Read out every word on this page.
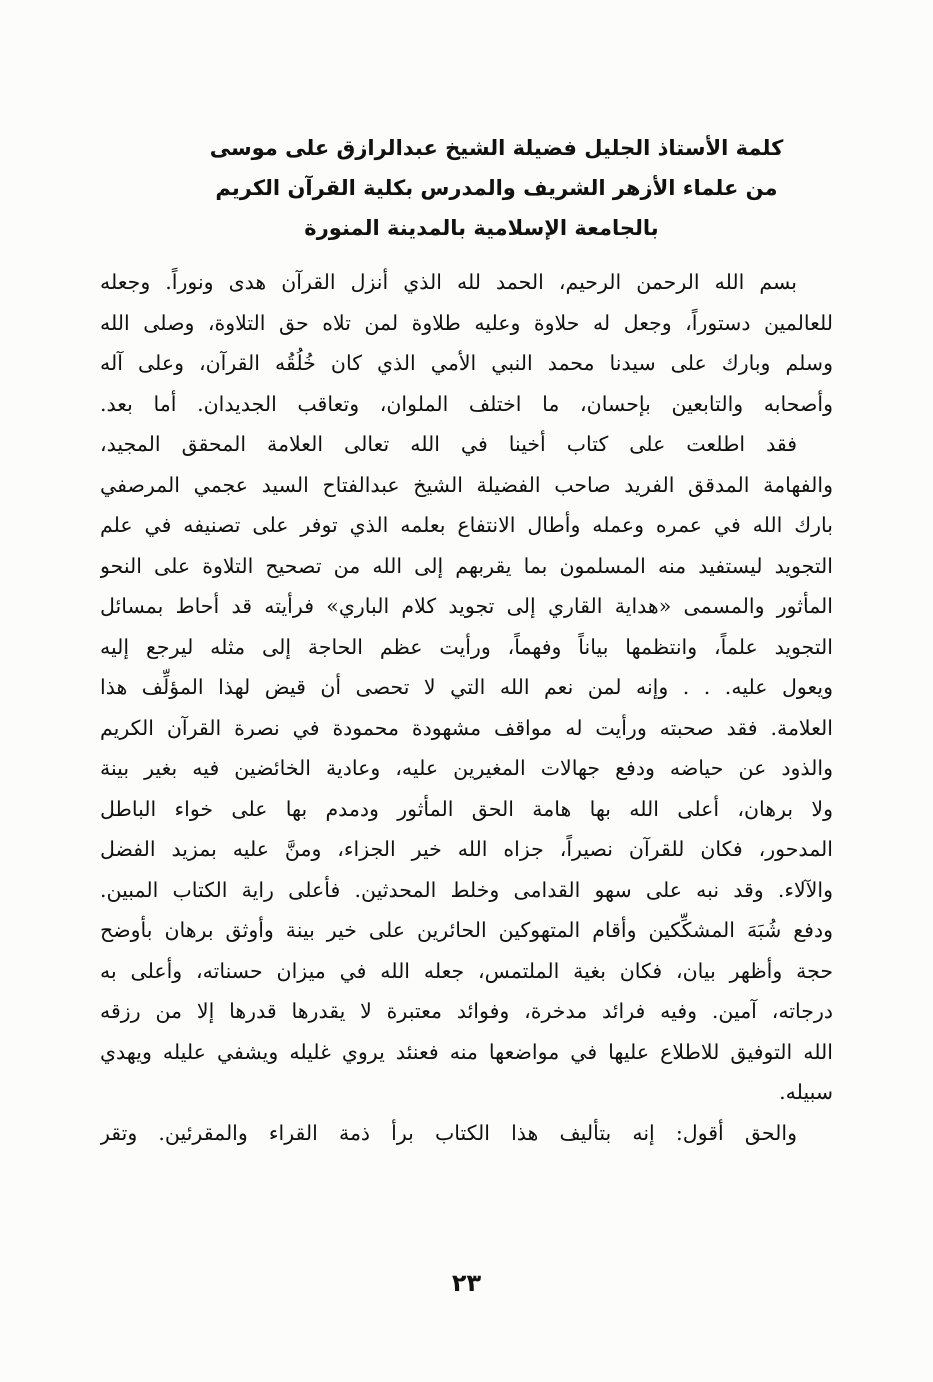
كلمة الأستاذ الجليل فضيلة الشيخ عبدالرازق على موسى
من علماء الأزهر الشريف والمدرس بكلية القرآن الكريم
بالجامعة الإسلامية بالمدينة المنورة
بسم الله الرحمن الرحيم، الحمد لله الذي أنزل القرآن هدى ونوراً. وجعله
للعالمين دستوراً، وجعل له حلاوة وعليه طلاوة لمن تلاه حق التلاوة، وصلى الله
وسلم وبارك على سيدنا محمد النبي الأمي الذي كان خُلُقُه القرآن، وعلى آله
وأصحابه والتابعين بإحسان، ما اختلف الملوان، وتعاقب الجديدان. أما بعد.
فقد اطلعت على كتاب أخينا في الله تعالى العلامة المحقق المجيد،
والفهامة المدقق الفريد صاحب الفضيلة الشيخ عبدالفتاح السيد عجمي المرصفي
بارك الله في عمره وعمله وأطال الانتفاع بعلمه الذي توفر على تصنيفه في علم
التجويد ليستفيد منه المسلمون بما يقربهم إلى الله من تصحيح التلاوة على النحو
المأثور والمسمى «هداية القاري إلى تجويد كلام الباري» فرأيته قد أحاط بمسائل
التجويد علماً، وانتظمها بياناً وفهماً، ورأيت عظم الحاجة إلى مثله ليرجع إليه
ويعول عليه. . . وإنه لمن نعم الله التي لا تحصى أن قيض لهذا المؤلِّف هذا
العلامة. فقد صحبته ورأيت له مواقف مشهودة محمودة في نصرة القرآن الكريم
والذود عن حياضه ودفع جهالات المغيرين عليه، وعادية الخائضين فيه بغير بينة
ولا برهان، أعلى الله بها هامة الحق المأثور ودمدم بها على خواء الباطل
المدحور، فكان للقرآن نصيراً، جزاه الله خير الجزاء، ومنَّ عليه بمزيد الفضل
والآلاء. وقد نبه على سهو القدامى وخلط المحدثين. فأعلى راية الكتاب المبين.
ودفع شُبَهَ المشكِّكين وأقام المتهوكين الحائرين على خير بينة وأوثق برهان بأوضح
حجة وأظهر بيان، فكان بغية الملتمس، جعله الله في ميزان حسناته، وأعلى به
درجاته، آمين. وفيه فرائد مدخرة، وفوائد معتبرة لا يقدرها قدرها إلا من رزقه
الله التوفيق للاطلاع عليها في مواضعها منه فعنئد يروي غليله ويشفي عليله ويهدي
سبيله.
والحق أقول: إنه بتأليف هذا الكتاب برأ ذمة القراء والمقرئين. وتقر
٢٣
